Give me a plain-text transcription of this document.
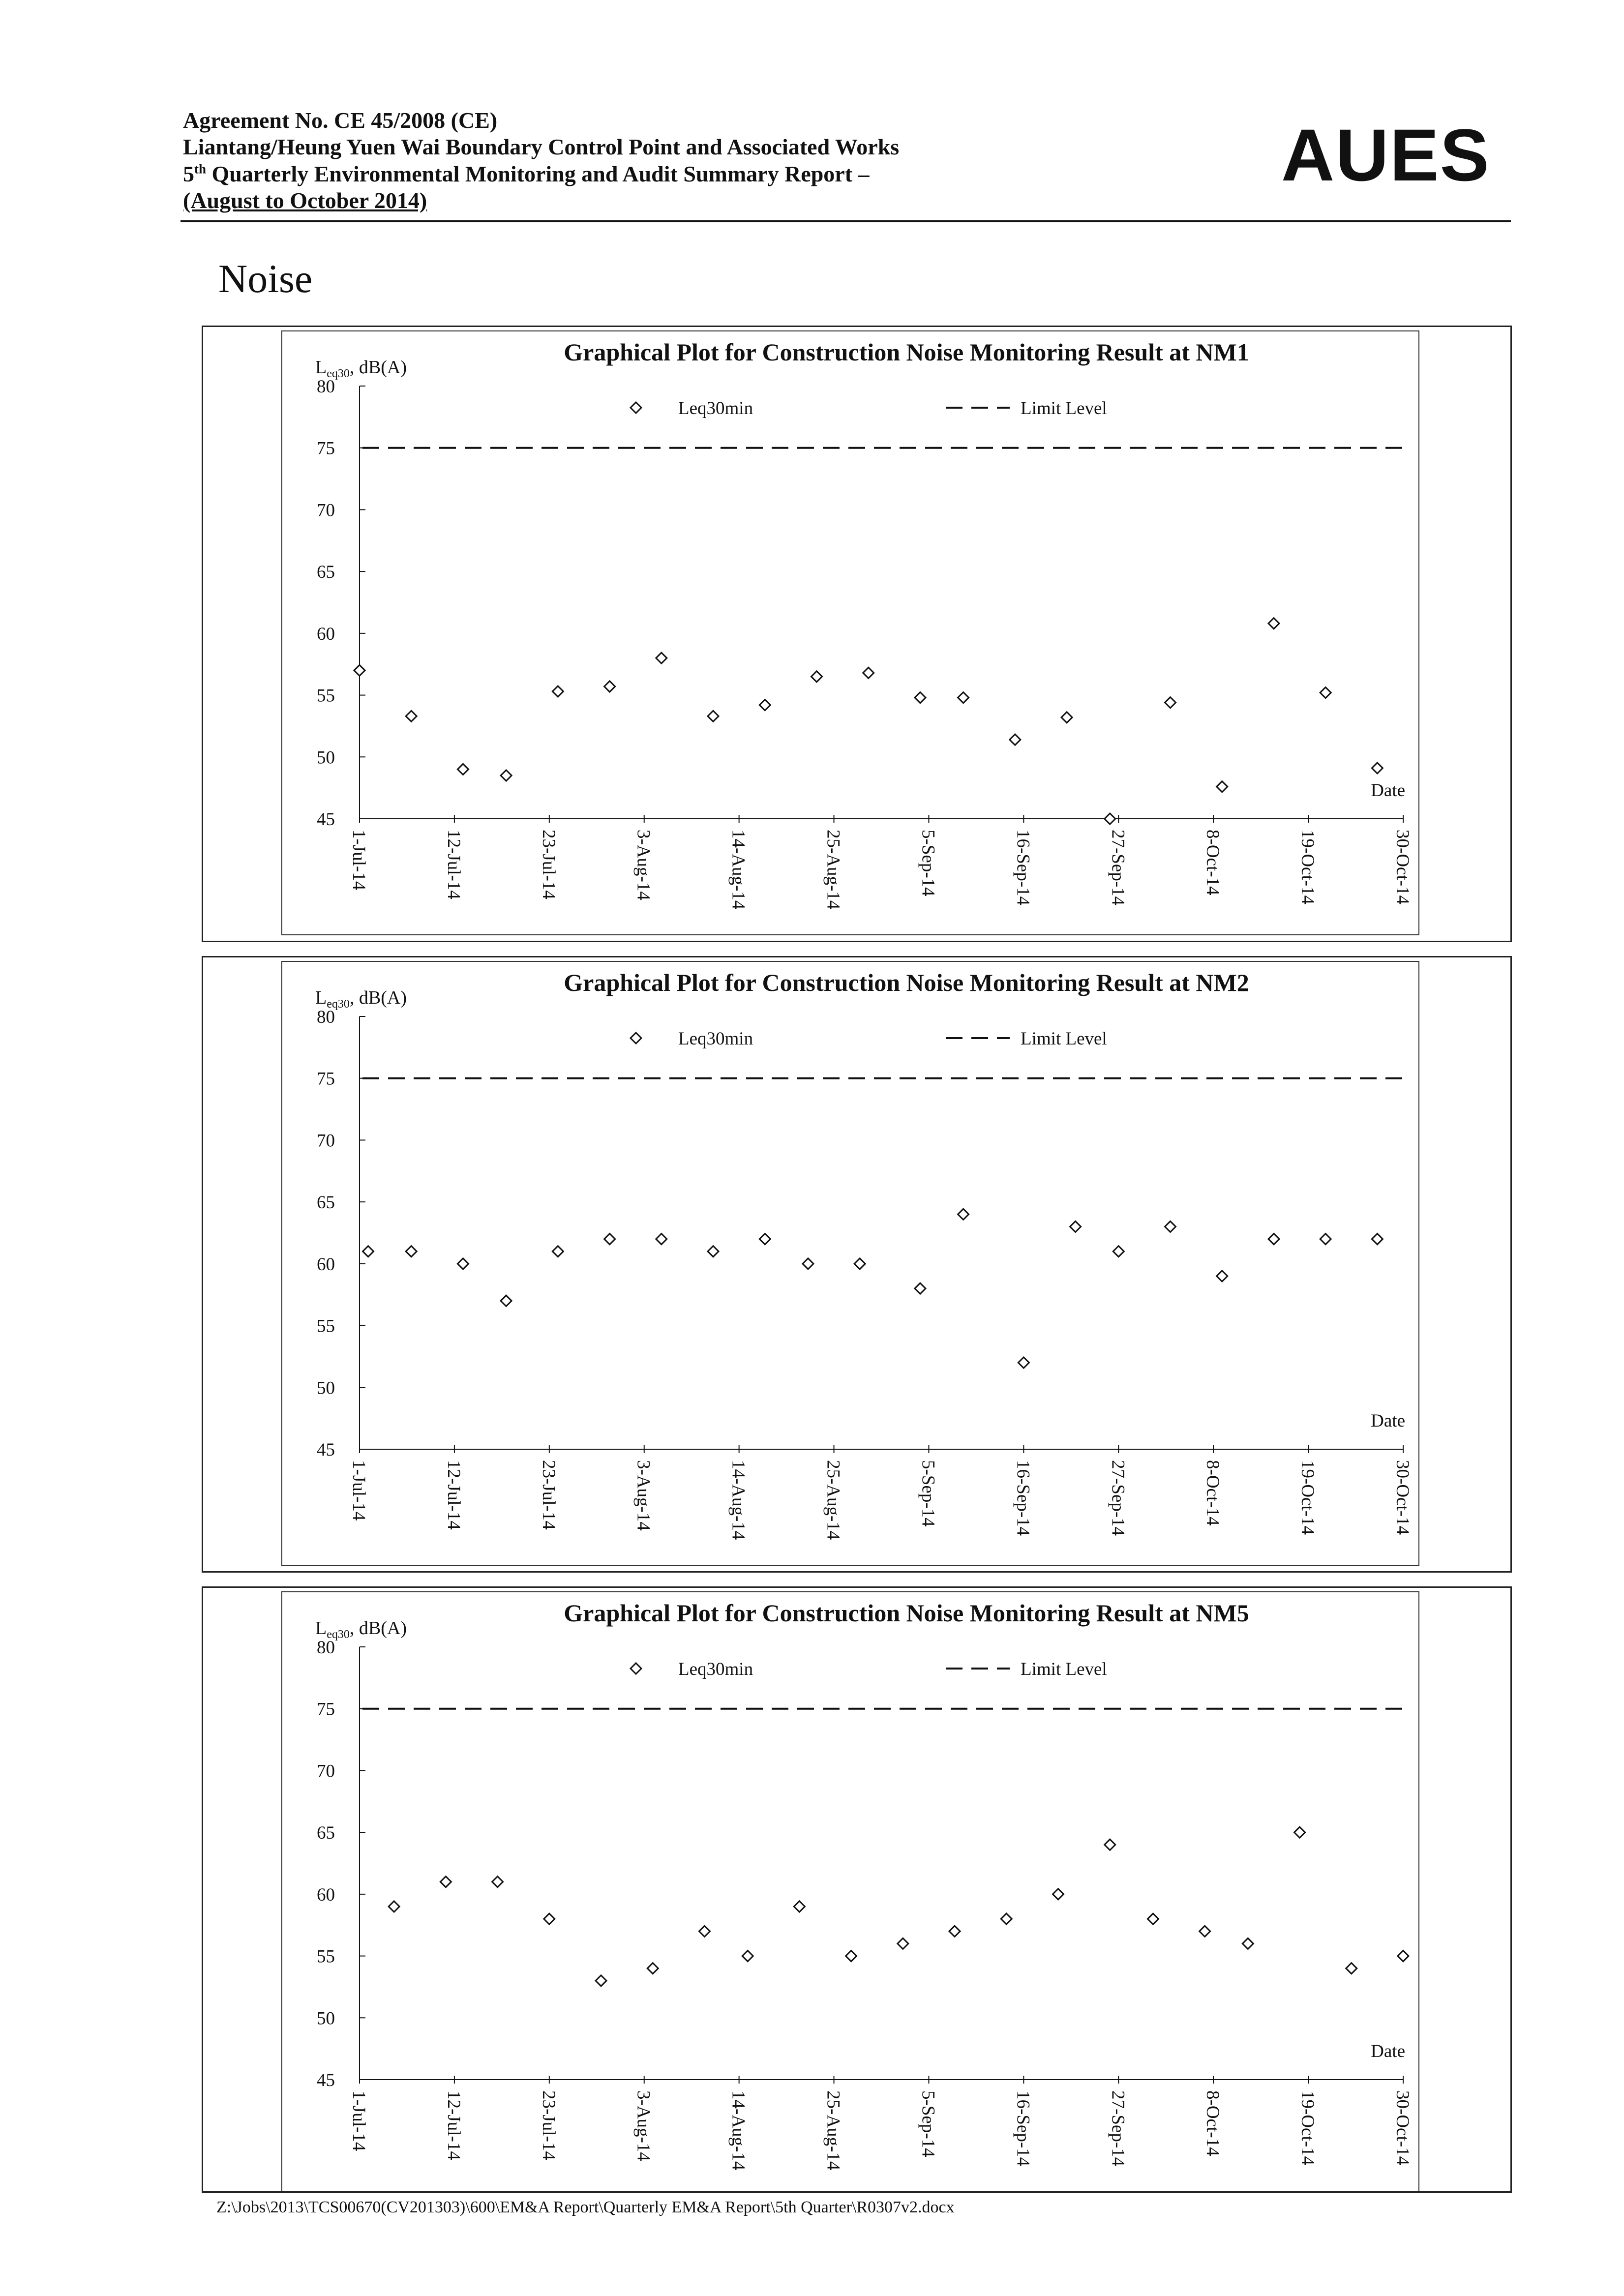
Agreement No. CE 45/2008 (CE)
Liantang/Heung Yuen Wai Boundary Control Point and Associated Works
5th Quarterly Environmental Monitoring and Audit Summary Report –
(August to October 2014)
AUES
Noise
Graphical Plot for Construction Noise Monitoring Result at NM1
$L_{eq30}$, dB(A)
Leq30min	Limit Level
45
50
55
60
65
70
75
80
1-Jul-14	12-Jul-14	23-Jul-14	3-Aug-14	14-Aug-14	25-Aug-14	5-Sep-14	16-Sep-14	27-Sep-14	8-Oct-14	19-Oct-14	30-Oct-14
Date
Graphical Plot for Construction Noise Monitoring Result at NM2
$L_{eq30}$, dB(A)
Leq30min	Limit Level
45
50
55
60
65
70
75
80
1-Jul-14	12-Jul-14	23-Jul-14	3-Aug-14	14-Aug-14	25-Aug-14	5-Sep-14	16-Sep-14	27-Sep-14	8-Oct-14	19-Oct-14	30-Oct-14
Date
Graphical Plot for Construction Noise Monitoring Result at NM5
$L_{eq30}$, dB(A)
Leq30min	Limit Level
45
50
55
60
65
70
75
80
1-Jul-14	12-Jul-14	23-Jul-14	3-Aug-14	14-Aug-14	25-Aug-14	5-Sep-14	16-Sep-14	27-Sep-14	8-Oct-14	19-Oct-14	30-Oct-14
Date
Z:\Jobs\2013\TCS00670(CV201303)\600\EM&A Report\Quarterly EM&A Report\5th Quarter\R0307v2.docx
